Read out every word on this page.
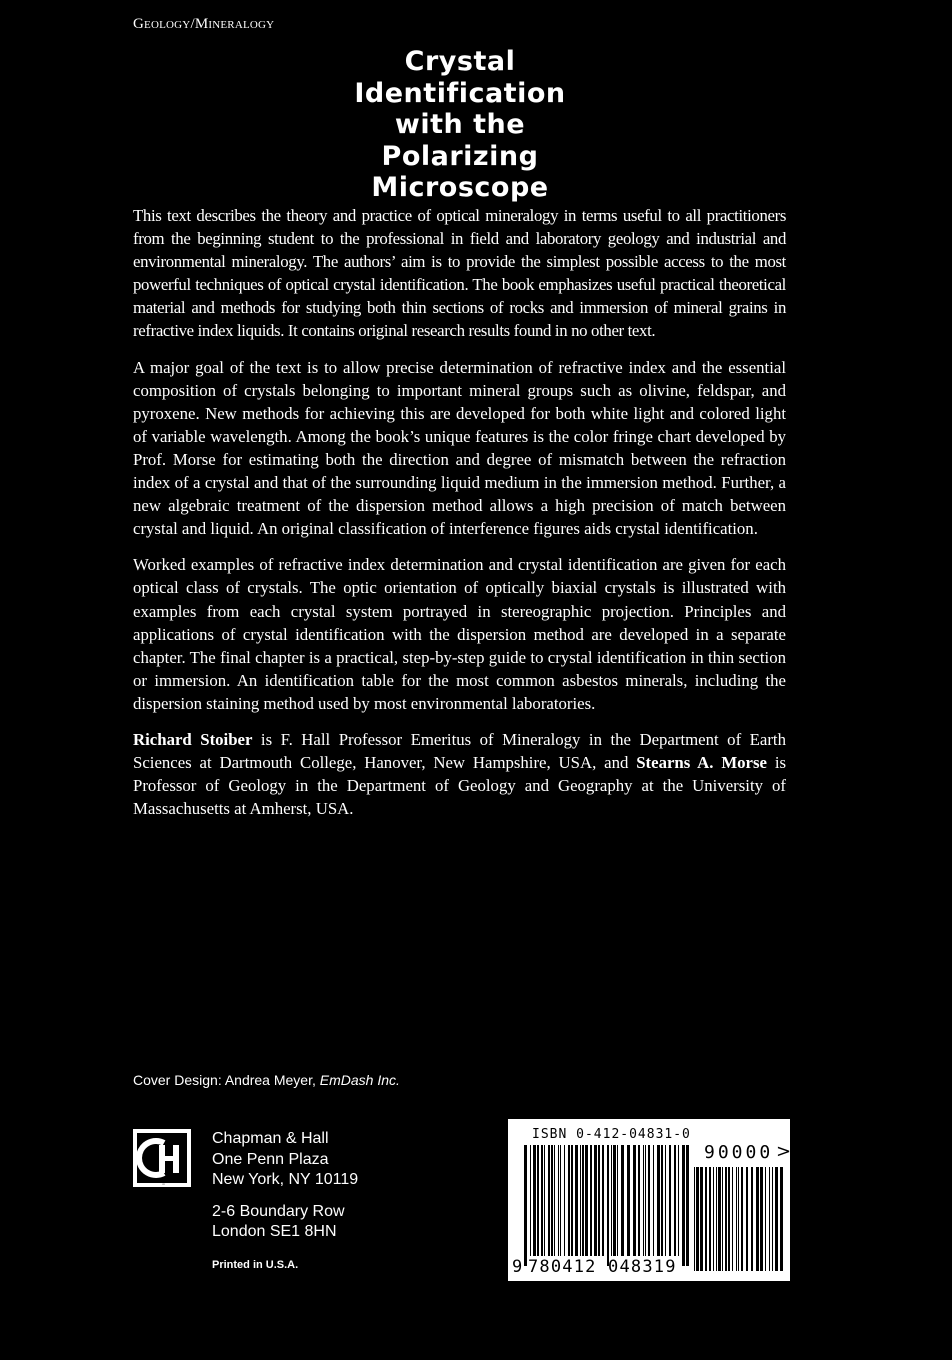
Geology/Mineralogy
Crystal
Identification
with the
Polarizing
Microscope

This text describes the theory and practice of optical mineralogy in terms useful to all practitioners from the beginning student to the professional in field and laboratory geology and industrial and environmental mineralogy. The authors’ aim is to provide the simplest possible access to the most powerful techniques of optical crystal identification. The book emphasizes useful practical theoretical material and methods for studying both thin sections of rocks and immersion of mineral grains in refractive index liquids. It contains original research results found in no other text.

A major goal of the text is to allow precise determination of refractive index and the essential composition of crystals belonging to important mineral groups such as olivine, feldspar, and pyroxene. New methods for achieving this are developed for both white light and colored light of variable wavelength. Among the book’s unique features is the color fringe chart developed by Prof. Morse for estimating both the direction and degree of mismatch between the refraction index of a crystal and that of the surrounding liquid medium in the immersion method. Further, a new algebraic treatment of the dispersion method allows a high precision of match between crystal and liquid. An original classification of interference figures aids crystal identification.

Worked examples of refractive index determination and crystal identification are given for each optical class of crystals. The optic orientation of optically biaxial crystals is illustrated with examples from each crystal system portrayed in stereographic projection. Principles and applications of crystal identification with the dispersion method are developed in a separate chapter. The final chapter is a practical, step-by-step guide to crystal identification in thin section or immersion. An identification table for the most common asbestos minerals, including the dispersion staining method used by most environmental laboratories.

Richard Stoiber is F. Hall Professor Emeritus of Mineralogy in the Department of Earth Sciences at Dartmouth College, Hanover, New Hampshire, USA, and Stearns A. Morse is Professor of Geology in the Department of Geology and Geography at the University of Massachusetts at Amherst, USA.

Cover Design: Andrea Meyer, EmDash Inc.
CH
Chapman & Hall
One Penn Plaza
New York, NY 10119
2-6 Boundary Row
London SE1 8HN
Printed in U.S.A.
ISBN 0-412-04831-0
90000 >
9 780412 048319
